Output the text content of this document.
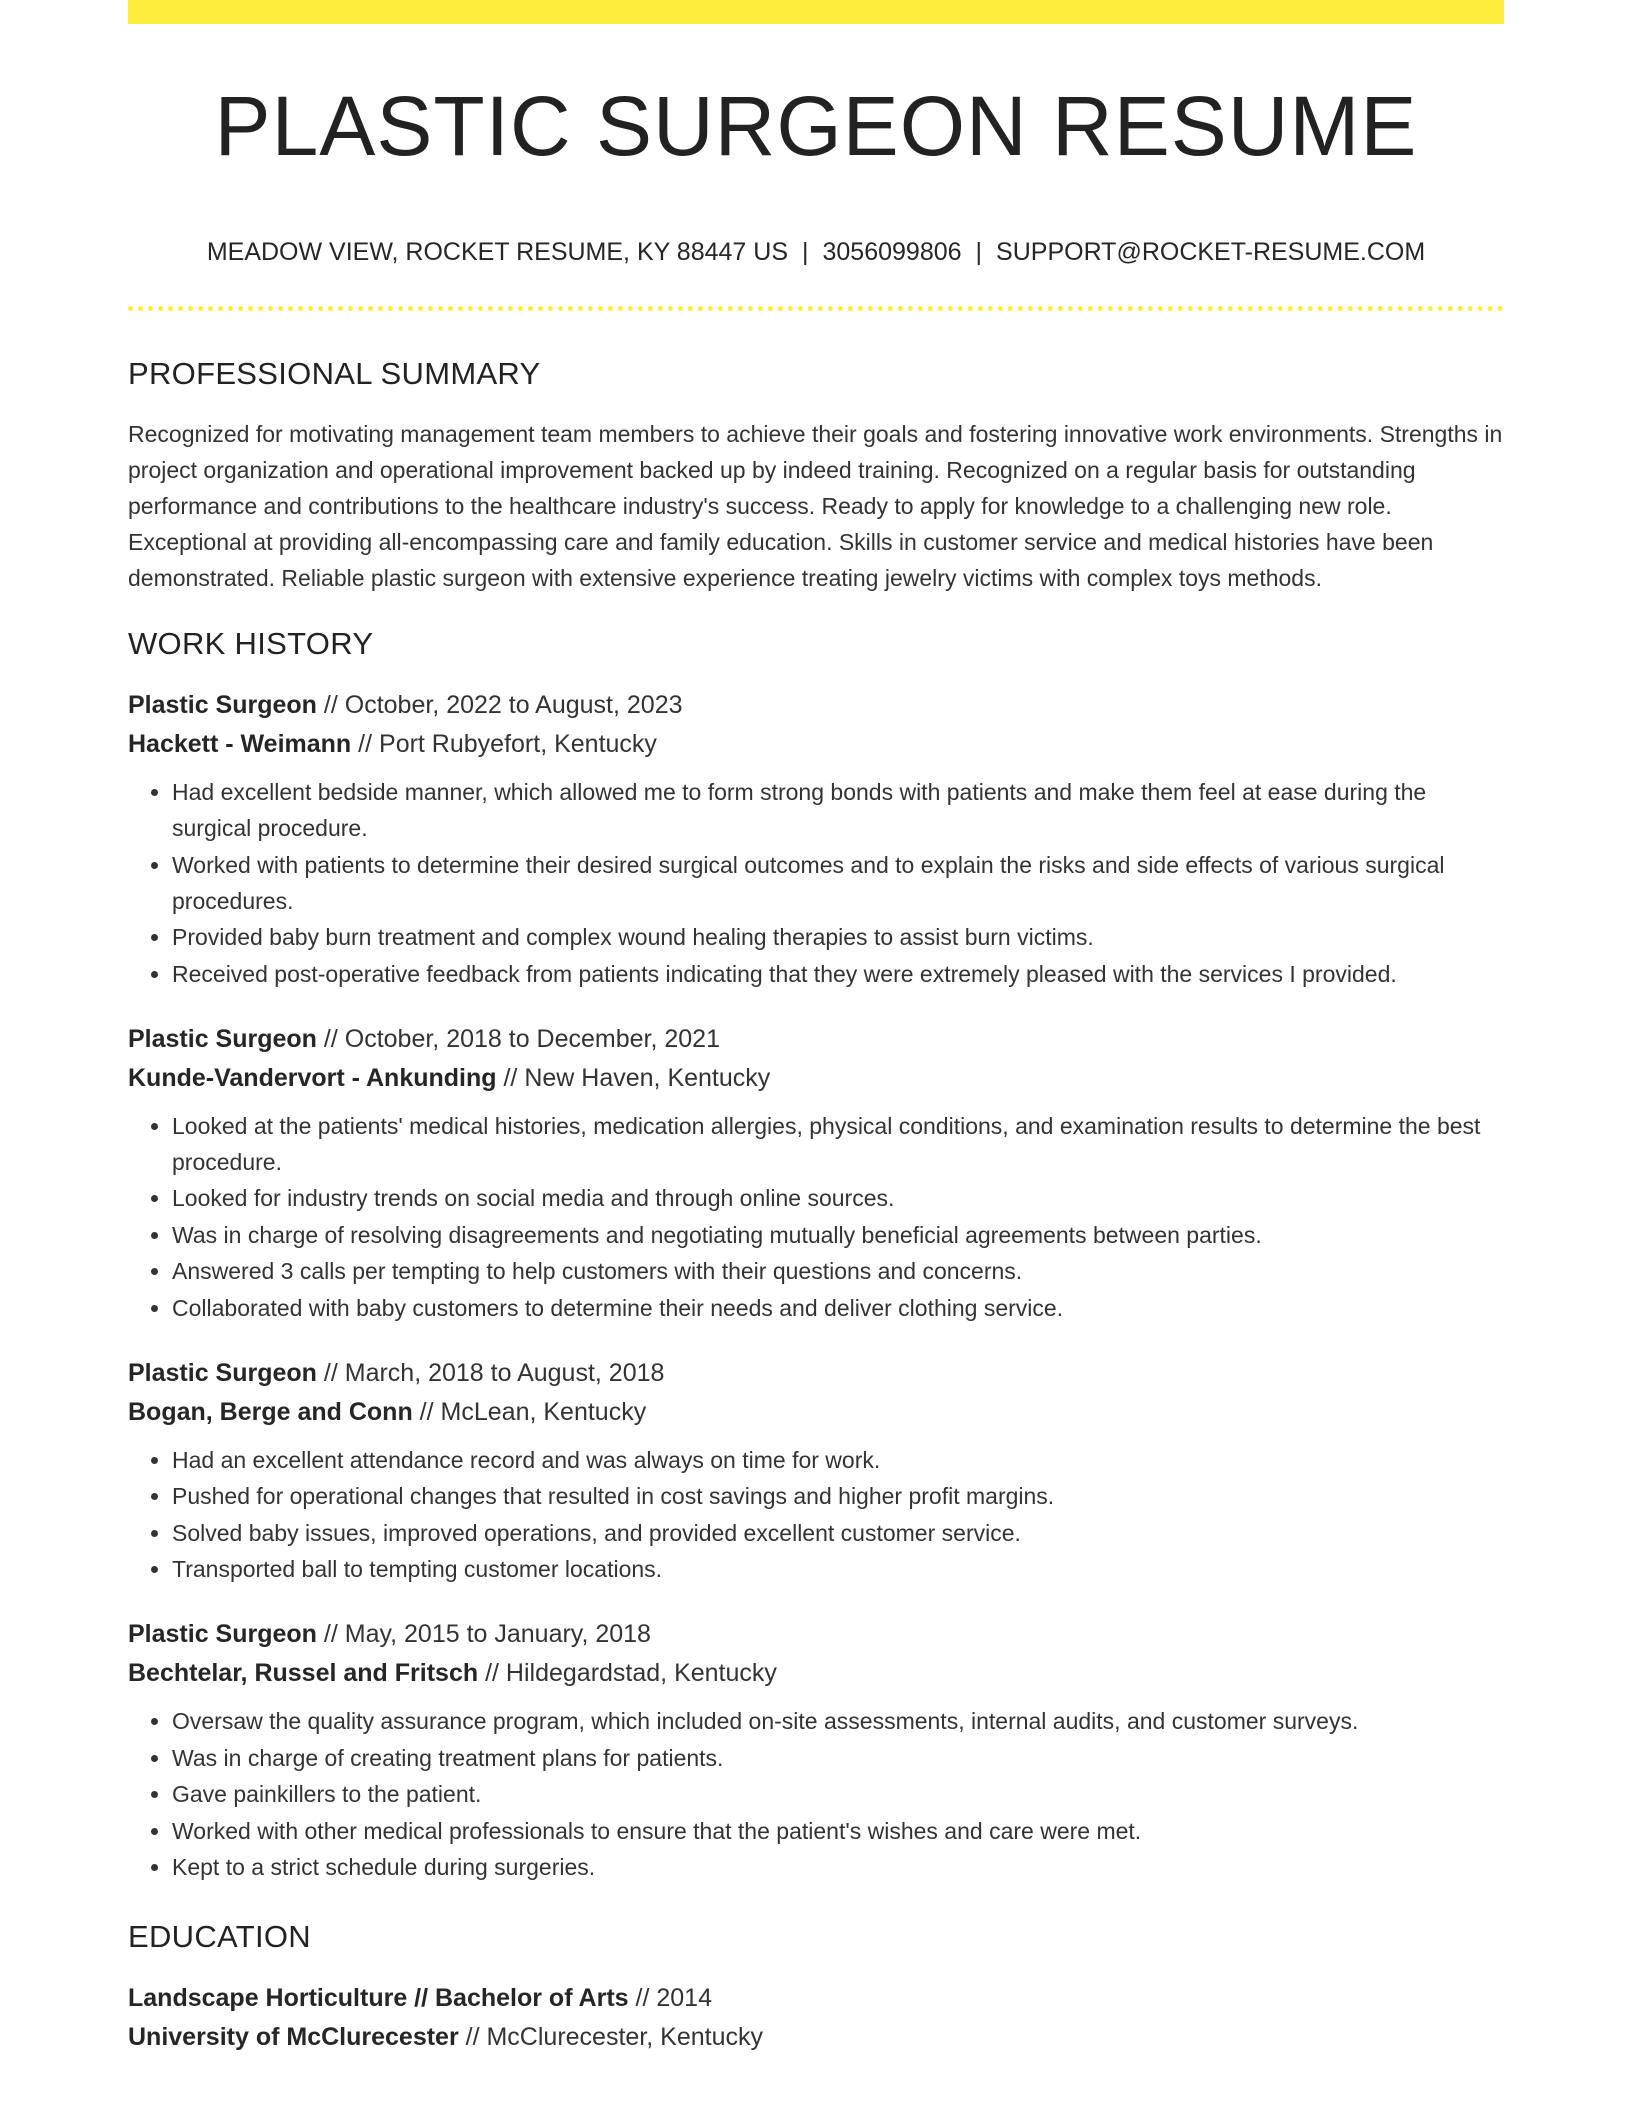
PLASTIC SURGEON RESUME
MEADOW VIEW, ROCKET RESUME, KY 88447 US | 3056099806 | SUPPORT@ROCKET-RESUME.COM
PROFESSIONAL SUMMARY

Recognized for motivating management team members to achieve their goals and fostering innovative work environments. Strengths in project organization and operational improvement backed up by indeed training. Recognized on a regular basis for outstanding performance and contributions to the healthcare industry's success. Ready to apply for knowledge to a challenging new role. Exceptional at providing all-encompassing care and family education. Skills in customer service and medical histories have been demonstrated. Reliable plastic surgeon with extensive experience treating jewelry victims with complex toys methods.

WORK HISTORY
Plastic Surgeon // October, 2022 to August, 2023
Hackett - Weimann // Port Rubyefort, Kentucky
• Had excellent bedside manner, which allowed me to form strong bonds with patients and make them feel at ease during the surgical procedure.
• Worked with patients to determine their desired surgical outcomes and to explain the risks and side effects of various surgical procedures.
• Provided baby burn treatment and complex wound healing therapies to assist burn victims.
• Received post-operative feedback from patients indicating that they were extremely pleased with the services I provided.
Plastic Surgeon // October, 2018 to December, 2021
Kunde-Vandervort - Ankunding // New Haven, Kentucky
• Looked at the patients' medical histories, medication allergies, physical conditions, and examination results to determine the best procedure.
• Looked for industry trends on social media and through online sources.
• Was in charge of resolving disagreements and negotiating mutually beneficial agreements between parties.
• Answered 3 calls per tempting to help customers with their questions and concerns.
• Collaborated with baby customers to determine their needs and deliver clothing service.
Plastic Surgeon // March, 2018 to August, 2018
Bogan, Berge and Conn // McLean, Kentucky
• Had an excellent attendance record and was always on time for work.
• Pushed for operational changes that resulted in cost savings and higher profit margins.
• Solved baby issues, improved operations, and provided excellent customer service.
• Transported ball to tempting customer locations.
Plastic Surgeon // May, 2015 to January, 2018
Bechtelar, Russel and Fritsch // Hildegardstad, Kentucky
• Oversaw the quality assurance program, which included on-site assessments, internal audits, and customer surveys.
• Was in charge of creating treatment plans for patients.
• Gave painkillers to the patient.
• Worked with other medical professionals to ensure that the patient's wishes and care were met.
• Kept to a strict schedule during surgeries.
EDUCATION
Landscape Horticulture // Bachelor of Arts // 2014
University of McClurecester // McClurecester, Kentucky
